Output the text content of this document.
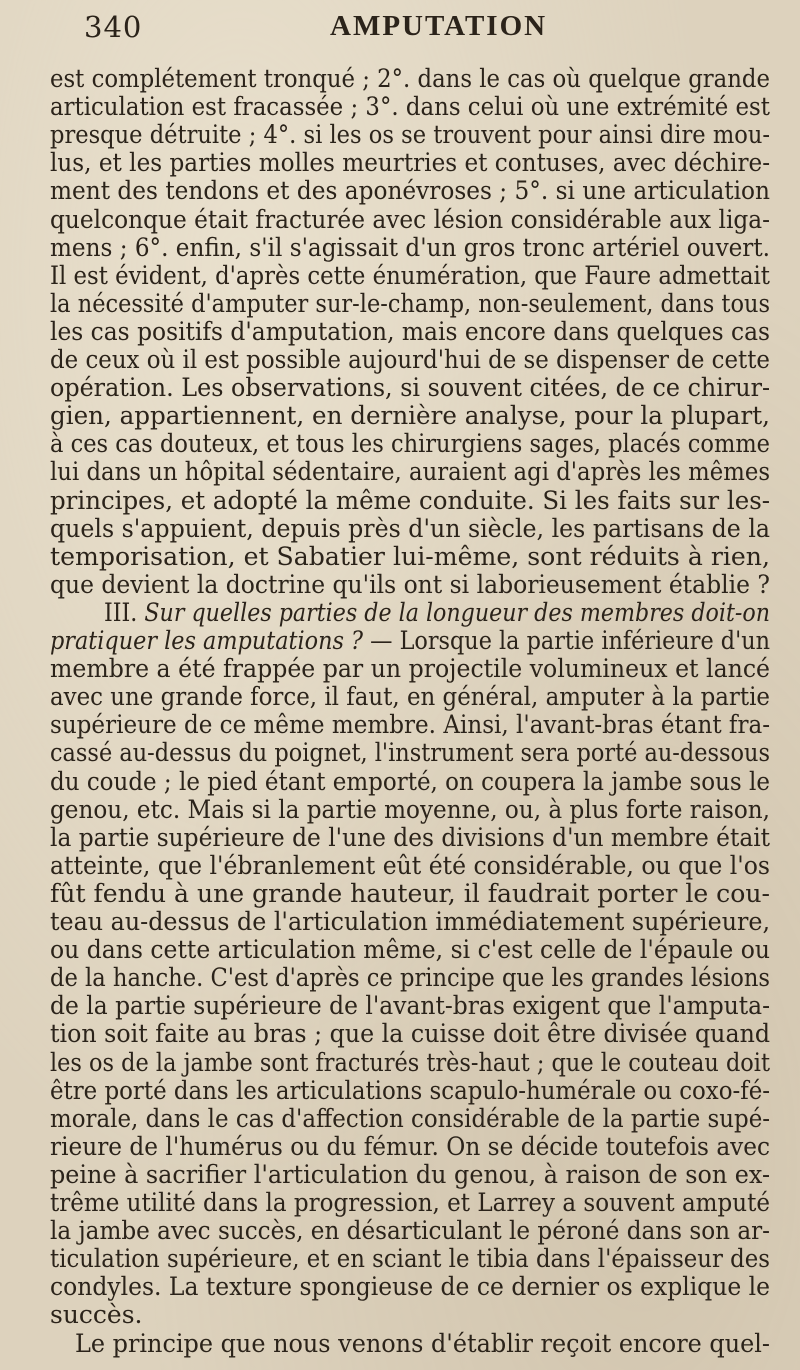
340	AMPUTATION
est complétement tronqué ; 2°. dans le cas où quelque grande
articulation est fracassée ; 3°. dans celui où une extrémité est
presque détruite ; 4°. si les os se trouvent pour ainsi dire mou-
lus, et les parties molles meurtries et contuses, avec déchire-
ment des tendons et des aponévroses ; 5°. si une articulation
quelconque était fracturée avec lésion considérable aux liga-
mens ; 6°. enfin, s'il s'agissait d'un gros tronc artériel ouvert.
Il est évident, d'après cette énumération, que Faure admettait
la nécessité d'amputer sur-le-champ, non-seulement, dans tous
les cas positifs d'amputation, mais encore dans quelques cas
de ceux où il est possible aujourd'hui de se dispenser de cette
opération. Les observations, si souvent citées, de ce chirur-
gien, appartiennent, en dernière analyse, pour la plupart,
à ces cas douteux, et tous les chirurgiens sages, placés comme
lui dans un hôpital sédentaire, auraient agi d'après les mêmes
principes, et adopté la même conduite. Si les faits sur les-
quels s'appuient, depuis près d'un siècle, les partisans de la
temporisation, et Sabatier lui-même, sont réduits à rien,
que devient la doctrine qu'ils ont si laborieusement établie ?
III. Sur quelles parties de la longueur des membres doit-on
pratiquer les amputations ? — Lorsque la partie inférieure d'un
membre a été frappée par un projectile volumineux et lancé
avec une grande force, il faut, en général, amputer à la partie
supérieure de ce même membre. Ainsi, l'avant-bras étant fra-
cassé au-dessus du poignet, l'instrument sera porté au-dessous
du coude ; le pied étant emporté, on coupera la jambe sous le
genou, etc. Mais si la partie moyenne, ou, à plus forte raison,
la partie supérieure de l'une des divisions d'un membre était
atteinte, que l'ébranlement eût été considérable, ou que l'os
fût fendu à une grande hauteur, il faudrait porter le cou-
teau au-dessus de l'articulation immédiatement supérieure,
ou dans cette articulation même, si c'est celle de l'épaule ou
de la hanche. C'est d'après ce principe que les grandes lésions
de la partie supérieure de l'avant-bras exigent que l'amputa-
tion soit faite au bras ; que la cuisse doit être divisée quand
les os de la jambe sont fracturés très-haut ; que le couteau doit
être porté dans les articulations scapulo-humérale ou coxo-fé-
morale, dans le cas d'affection considérable de la partie supé-
rieure de l'humérus ou du fémur. On se décide toutefois avec
peine à sacrifier l'articulation du genou, à raison de son ex-
trême utilité dans la progression, et Larrey a souvent amputé
la jambe avec succès, en désarticulant le péroné dans son ar-
ticulation supérieure, et en sciant le tibia dans l'épaisseur des
condyles. La texture spongieuse de ce dernier os explique le
succès.
Le principe que nous venons d'établir reçoit encore quel-
